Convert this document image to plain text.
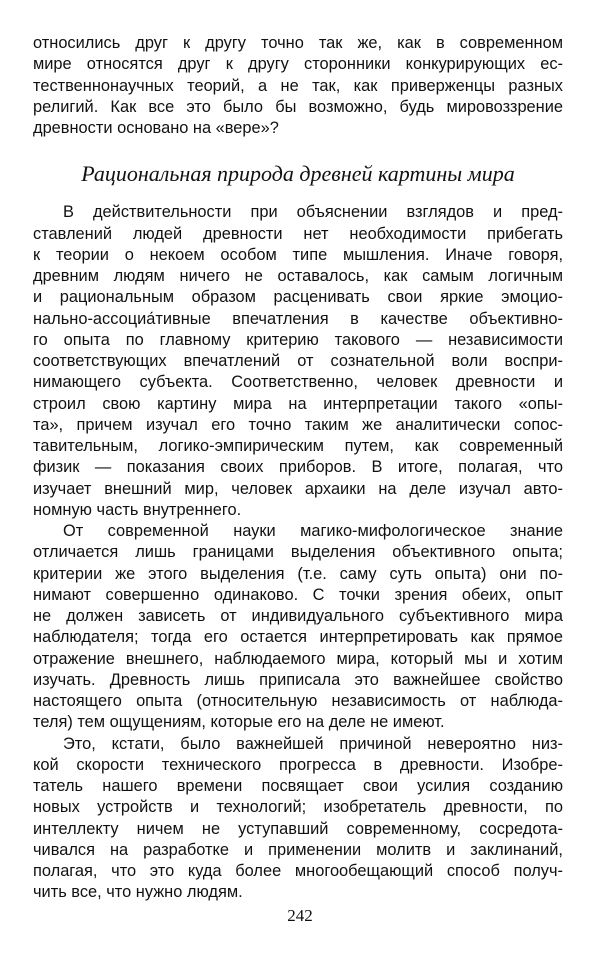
относились друг к другу точно так же, как в современном
мире относятся друг к другу сторонники конкурирующих ес-
тественнонаучных теорий, а не так, как приверженцы разных
религий. Как все это было бы возможно, будь мировоззрение
древности основано на «вере»?
Рациональная природа древней картины мира
В действительности при объяснении взглядов и пред-
ставлений людей древности нет необходимости прибегать
к теории о некоем особом типе мышления. Иначе говоря,
древним людям ничего не оставалось, как самым логичным
и рациональным образом расценивать свои яркие эмоцио-
нально-ассоциа́тивные впечатления в качестве объективно-
го опыта по главному критерию такового — независимости
соответствующих впечатлений от сознательной воли воспри-
нимающего субъекта. Соответственно, человек древности и
строил свою картину мира на интерпретации такого «опы-
та», причем изучал его точно таким же аналитически сопос-
тавительным, логико-эмпирическим путем, как современный
физик — показания своих приборов. В итоге, полагая, что
изучает внешний мир, человек архаики на деле изучал авто-
номную часть внутреннего.
От современной науки магико-мифологическое знание
отличается лишь границами выделения объективного опыта;
критерии же этого выделения (т.е. саму суть опыта) они по-
нимают совершенно одинаково. С точки зрения обеих, опыт
не должен зависеть от индивидуального субъективного мира
наблюдателя; тогда его остается интерпретировать как прямое
отражение внешнего, наблюдаемого мира, который мы и хотим
изучать. Древность лишь приписала это важнейшее свойство
настоящего опыта (относительную независимость от наблюда-
теля) тем ощущениям, которые его на деле не имеют.
Это, кстати, было важнейшей причиной невероятно низ-
кой скорости технического прогресса в древности. Изобре-
татель нашего времени посвящает свои усилия созданию
новых устройств и технологий; изобретатель древности, по
интеллекту ничем не уступавший современному, сосредота-
чивался на разработке и применении молитв и заклинаний,
полагая, что это куда более многообещающий способ получ-
чить все, что нужно людям.
242
